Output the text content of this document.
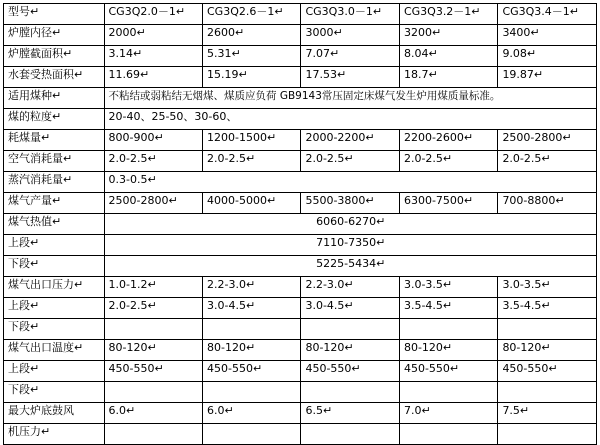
型号↵	CG3Q2.0－1↵	CG3Q2.6－1↵	CG3Q3.0－1↵	CG3Q3.2－1↵	CG3Q3.4－1↵
炉膛内径↵	2000↵	2600↵	3000↵	3200↵	3400↵
炉膛截面积↵	3.14↵	5.31↵	7.07↵	8.04↵	9.08↵
水套受热面积↵	11.69↵	15.19↵	17.53↵	18.7↵	19.87↵
适用煤种↵	不粘结或弱粘结无烟煤、煤质应负荷 GB9143常压固定床煤气发生炉用煤质量标准。				
煤的粒度↵	20-40、25-50、30-60、				
耗煤量↵	800-900↵	1200-1500↵	2000-2200↵	2200-2600↵	2500-2800↵
空气消耗量↵	2.0-2.5↵	2.0-2.5↵	2.0-2.5↵	2.0-2.5↵	2.0-2.5↵
蒸汽消耗量↵	0.3-0.5↵				
煤气产量↵	2500-2800↵	4000-5000↵	5500-3800↵	6300-7500↵	700-8800↵
煤气热值↵	6060-6270↵				
上段↵	7110-7350↵				
下段↵	5225-5434↵				
煤气出口压力↵	1.0-1.2↵	2.2-3.0↵	2.2-3.0↵	3.0-3.5↵	3.0-3.5↵
上段↵	2.0-2.5↵	3.0-4.5↵	3.0-4.5↵	3.5-4.5↵	3.5-4.5↵
下段↵					
煤气出口温度↵	80-120↵	80-120↵	80-120↵	80-120↵	80-120↵
上段↵	450-550↵	450-550↵	450-550↵	450-550↵	450-550↵
下段↵					
最大炉底鼓风	6.0↵	6.0↵	6.5↵	7.0↵	7.5↵
机压力↵					
